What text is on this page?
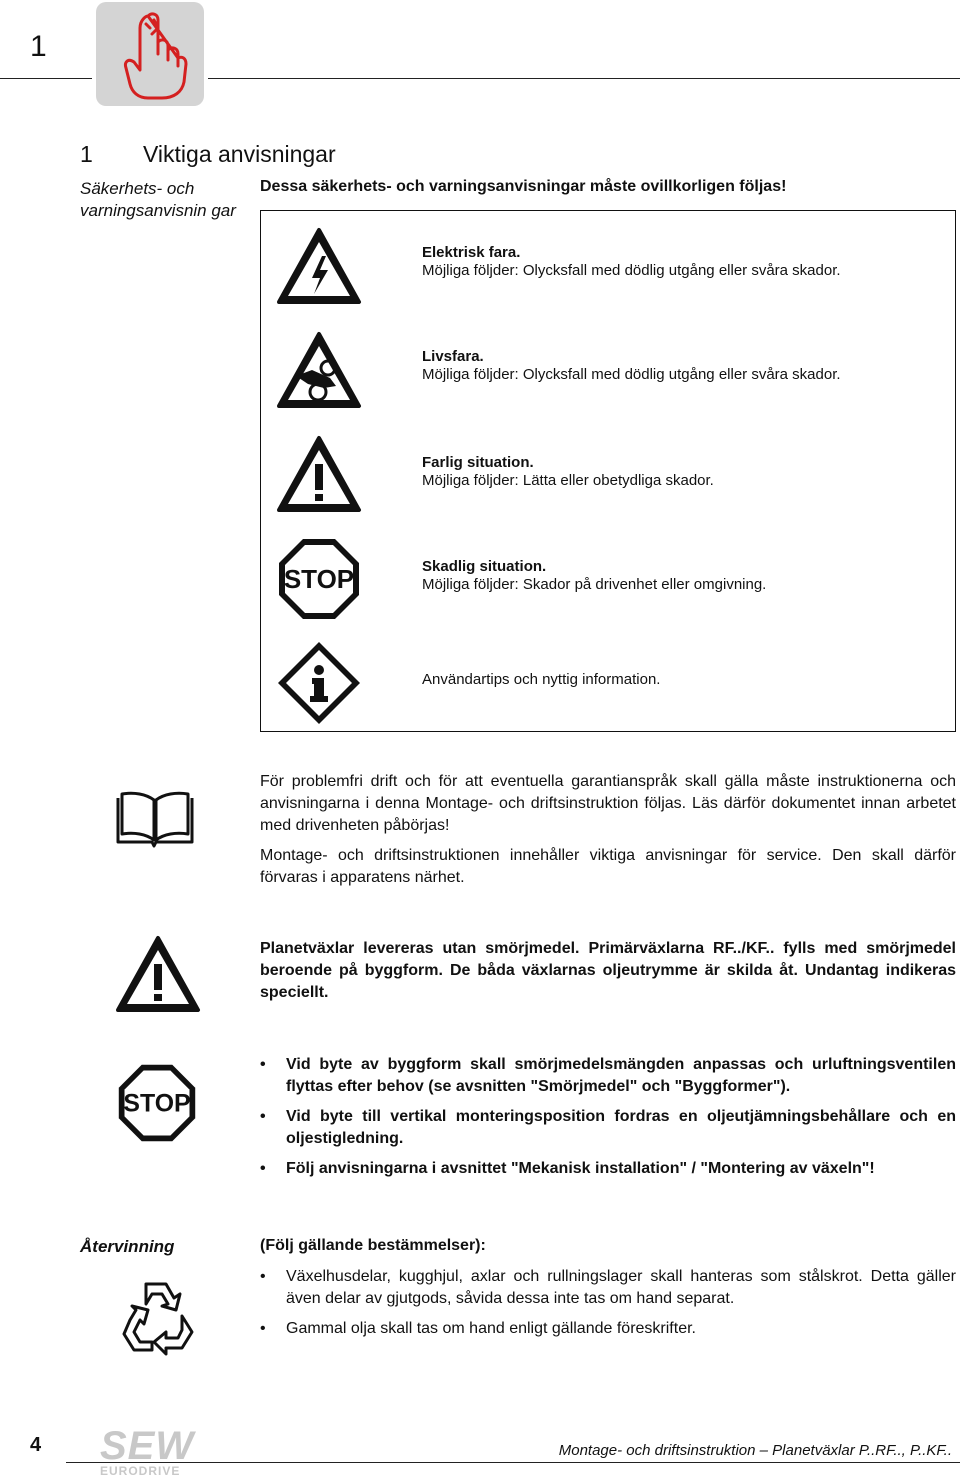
1
1 Viktiga anvisningar
Säkerhets- och varningsanvisnin gar
Dessa säkerhets- och varningsanvisningar måste ovillkorligen följas!
Elektrisk fara.
Möjliga följder: Olycksfall med dödlig utgång eller svåra skador.
Livsfara.
Möjliga följder: Olycksfall med dödlig utgång eller svåra skador.
Farlig situation.
Möjliga följder: Lätta eller obetydliga skador.
STOP	Skadlig situation.
Möjliga följder: Skador på drivenhet eller omgivning.
Användartips och nyttig information.
För problemfri drift och för att eventuella garantianspråk skall gälla måste instruktionerna och anvisningarna i denna Montage- och driftsinstruktion följas. Läs därför dokumentet innan arbetet med drivenheten påbörjas!
Montage- och driftsinstruktionen innehåller viktiga anvisningar för service. Den skall därför förvaras i apparatens närhet.
Planetväxlar levereras utan smörjmedel. Primärväxlarna RF../KF.. fylls med smörjmedel beroende på byggform. De båda växlarnas oljeutrymme är skilda åt. Undantag indikeras speciellt.
STOP
• Vid byte av byggform skall smörjmedelsmängden anpassas och urluftningsventilen flyttas efter behov (se avsnitten "Smörjmedel" och "Byggformer").
• Vid byte till vertikal monteringsposition fordras en oljeutjämningsbehållare och en oljestigledning.
• Följ anvisningarna i avsnittet "Mekanisk installation" / "Montering av växeln"!
Återvinning	(Följ gällande bestämmelser):
• Växelhusdelar, kugghjul, axlar och rullningslager skall hanteras som stålskrot. Detta gäller även delar av gjutgods, såvida dessa inte tas om hand separat.
• Gammal olja skall tas om hand enligt gällande föreskrifter.
4 SEW
EURODRIVE
Montage- och driftsinstruktion – Planetväxlar P..RF.., P..KF..
